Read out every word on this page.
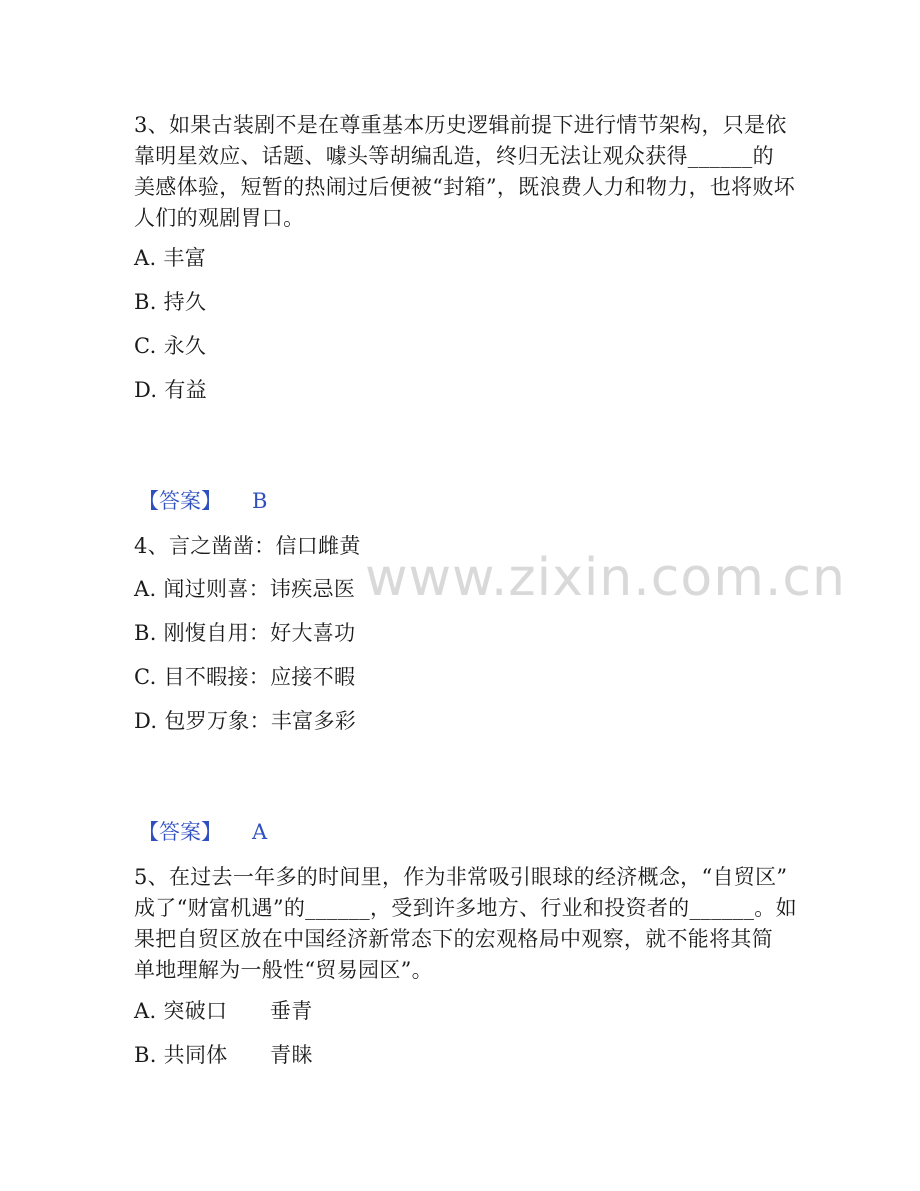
www.zixin.com.cn
3、如果古装剧不是在尊重基本历史逻辑前提下进行情节架构，只是依
靠明星效应、话题、噱头等胡编乱造，终归无法让观众获得______的
美感体验，短暂的热闹过后便被“封箱”，既浪费人力和物力，也将败坏
人们的观剧胃口。
A. 丰富
B. 持久
C. 永久
D. 有益
【答案】 B
4、言之凿凿：信口雌黄
A. 闻过则喜：讳疾忌医
B. 刚愎自用：好大喜功
C. 目不暇接：应接不暇
D. 包罗万象：丰富多彩
【答案】 A
5、在过去一年多的时间里，作为非常吸引眼球的经济概念，“自贸区”
成了“财富机遇”的______，受到许多地方、行业和投资者的______。如
果把自贸区放在中国经济新常态下的宏观格局中观察，就不能将其简
单地理解为一般性“贸易园区”。
A. 突破口　　垂青
B. 共同体　　青睐
